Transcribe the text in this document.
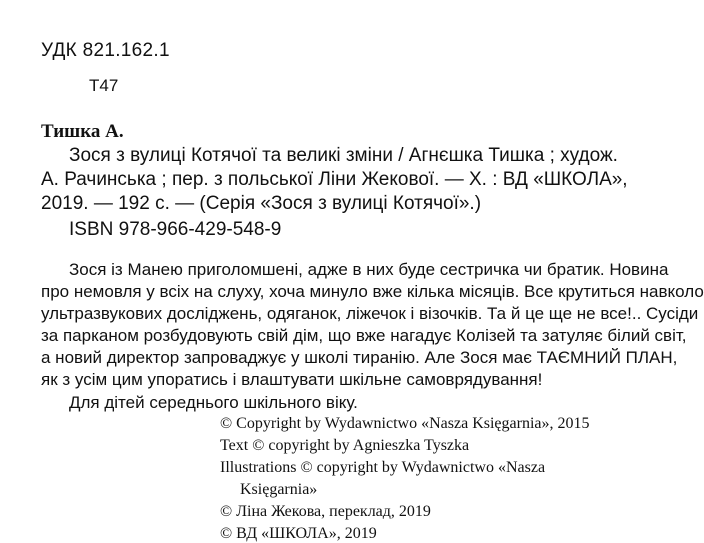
УДК 821.162.1
Т47
Тишка А.
Зося з вулиці Котячої та великі зміни / Агнєшка Тишка ; худож.
А. Рачинська ; пер. з польської Ліни Жекової. — Х. : ВД «ШКОЛА»,
2019. — 192 с. — (Серія «Зося з вулиці Котячої».)
ISBN 978-966-429-548-9
Зося із Манею приголомшені, адже в них буде сестричка чи братик. Новина
про немовля у всіх на слуху, хоча минуло вже кілька місяців. Все крутиться навколо
ультразвукових досліджень, одяганок, ліжечок і візочків. Та й це ще не все!.. Сусіди
за парканом розбудовують свій дім, що вже нагадує Колізей та затуляє білий світ,
а новий директор запроваджує у школі тиранію. Але Зося має ТАЄМНИЙ ПЛАН,
як з усім цим упоратись і влаштувати шкільне самоврядування!
Для дітей середнього шкільного віку.
© Copyright by Wydawnictwo «Nasza Księgarnia», 2015
Text © copyright by Agnieszka Tyszka
Illustrations © copyright by Wydawnictwo «Nasza
Księgarnia»
© Ліна Жекова, переклад, 2019
© ВД «ШКОЛА», 2019
